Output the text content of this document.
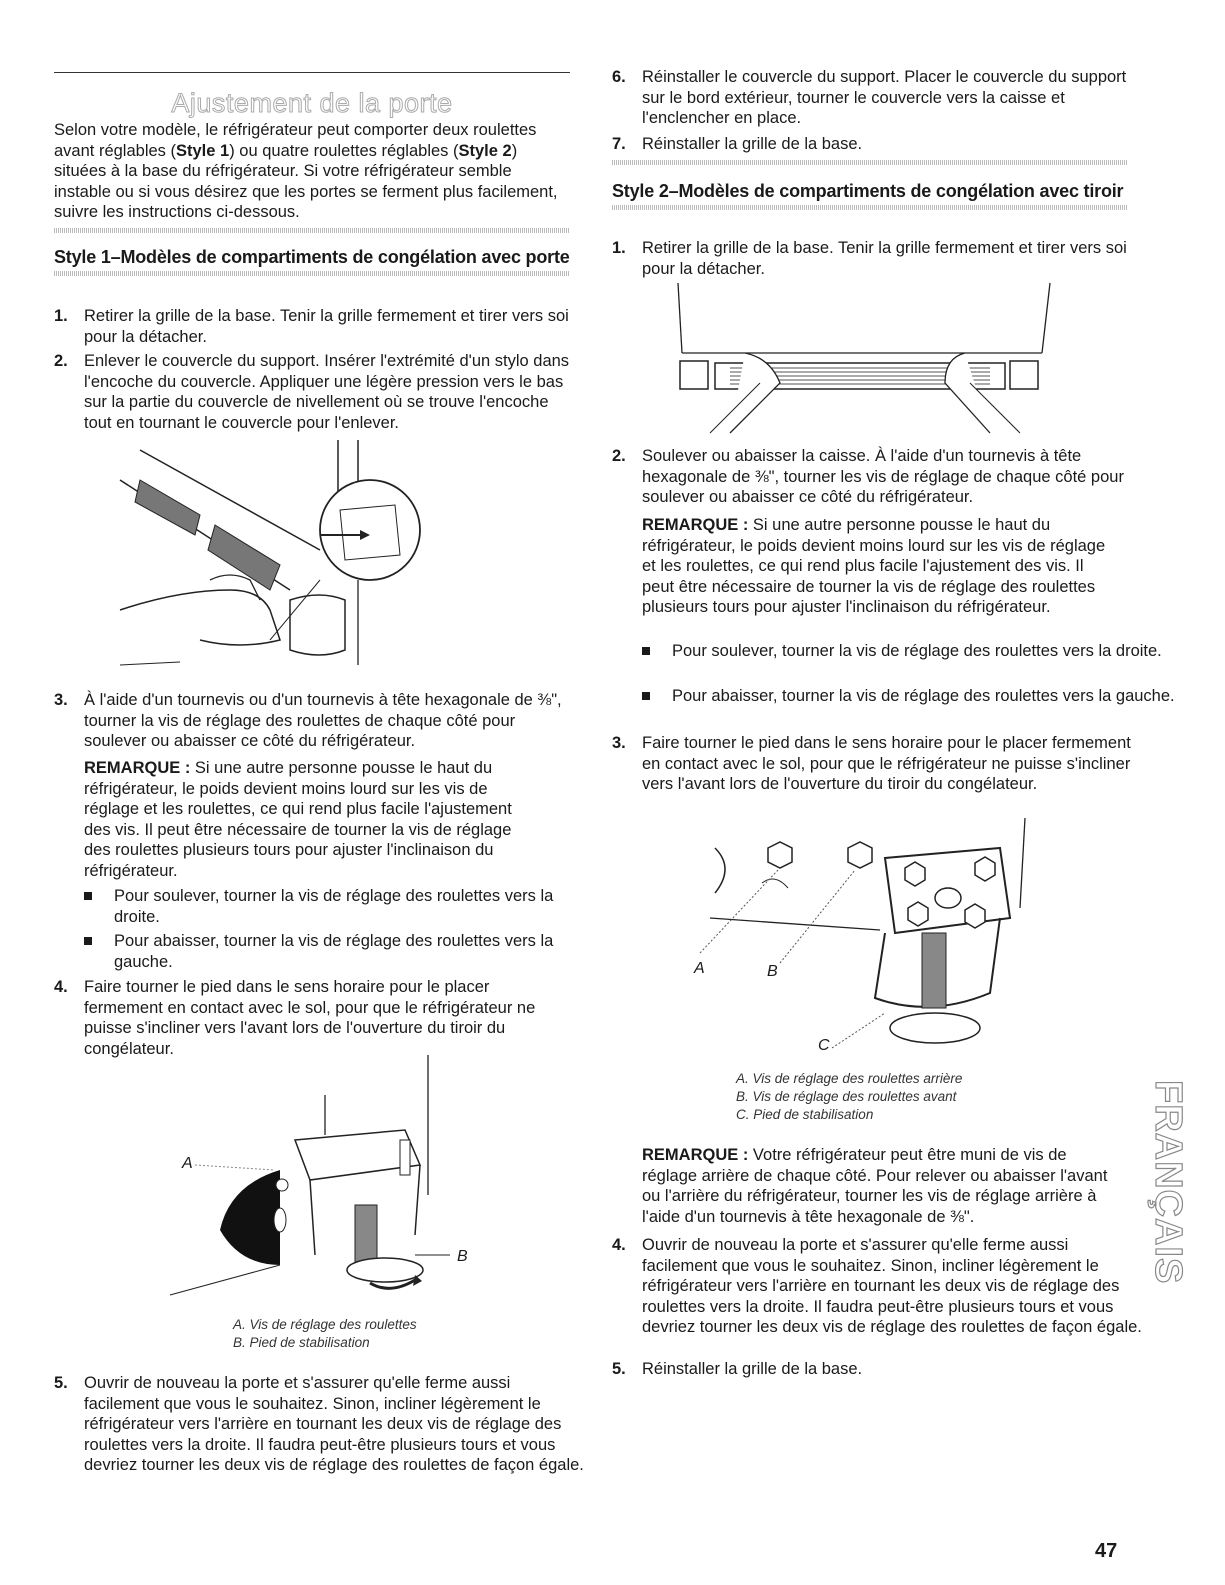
Ajustement de la porte

Selon votre modèle, le réfrigérateur peut comporter deux roulettes avant réglables (Style 1) ou quatre roulettes réglables (Style 2) situées à la base du réfrigérateur. Si votre réfrigérateur semble instable ou si vous désirez que les portes se ferment plus facilement, suivre les instructions ci-dessous.

Style 1–Modèles de compartiments de congélation avec porte

1. Retirer la grille de la base. Tenir la grille fermement et tirer vers soi pour la détacher.
2. Enlever le couvercle du support. Insérer l'extrémité d'un stylo dans l'encoche du couvercle. Appliquer une légère pression vers le bas sur la partie du couvercle de nivellement où se trouve l'encoche tout en tournant le couvercle pour l'enlever.
3. À l'aide d'un tournevis ou d'un tournevis à tête hexagonale de ⅜", tourner la vis de réglage des roulettes de chaque côté pour soulever ou abaisser ce côté du réfrigérateur.

REMARQUE : Si une autre personne pousse le haut du réfrigérateur, le poids devient moins lourd sur les vis de réglage et les roulettes, ce qui rend plus facile l'ajustement des vis. Il peut être nécessaire de tourner la vis de réglage des roulettes plusieurs tours pour ajuster l'inclinaison du réfrigérateur.

Pour soulever, tourner la vis de réglage des roulettes vers la droite.
Pour abaisser, tourner la vis de réglage des roulettes vers la gauche.
4. Faire tourner le pied dans le sens horaire pour le placer fermement en contact avec le sol, pour que le réfrigérateur ne puisse s'incliner vers l'avant lors de l'ouverture du tiroir du congélateur.
A
B

A. Vis de réglage des roulettes

B. Pied de stabilisation

5. Ouvrir de nouveau la porte et s'assurer qu'elle ferme aussi facilement que vous le souhaitez. Sinon, incliner légèrement le réfrigérateur vers l'arrière en tournant les deux vis de réglage des roulettes vers la droite. Il faudra peut-être plusieurs tours et vous devriez tourner les deux vis de réglage des roulettes de façon égale.
6. Réinstaller le couvercle du support. Placer le couvercle du support sur le bord extérieur, tourner le couvercle vers la caisse et l'enclencher en place.
7. Réinstaller la grille de la base.

Style 2–Modèles de compartiments de congélation avec tiroir

1. Retirer la grille de la base. Tenir la grille fermement et tirer vers soi pour la détacher.
2. Soulever ou abaisser la caisse. À l'aide d'un tournevis à tête hexagonale de ⅜", tourner les vis de réglage de chaque côté pour soulever ou abaisser ce côté du réfrigérateur.

REMARQUE : Si une autre personne pousse le haut du réfrigérateur, le poids devient moins lourd sur les vis de réglage et les roulettes, ce qui rend plus facile l'ajustement des vis. Il peut être nécessaire de tourner la vis de réglage des roulettes plusieurs tours pour ajuster l'inclinaison du réfrigérateur.

Pour soulever, tourner la vis de réglage des roulettes vers la droite.
Pour abaisser, tourner la vis de réglage des roulettes vers la gauche.
3. Faire tourner le pied dans le sens horaire pour le placer fermement en contact avec le sol, pour que le réfrigérateur ne puisse s'incliner vers l'avant lors de l'ouverture du tiroir du congélateur.
A	B
C

A. Vis de réglage des roulettes arrière

B. Vis de réglage des roulettes avant

C. Pied de stabilisation

REMARQUE : Votre réfrigérateur peut être muni de vis de réglage arrière de chaque côté. Pour relever ou abaisser l'avant ou l'arrière du réfrigérateur, tourner les vis de réglage arrière à l'aide d'un tournevis à tête hexagonale de ⅜".

4. Ouvrir de nouveau la porte et s'assurer qu'elle ferme aussi facilement que vous le souhaitez. Sinon, incliner légèrement le réfrigérateur vers l'arrière en tournant les deux vis de réglage des roulettes vers la droite. Il faudra peut-être plusieurs tours et vous devriez tourner les deux vis de réglage des roulettes de façon égale.
5. Réinstaller la grille de la base.
FRANÇAIS
47
